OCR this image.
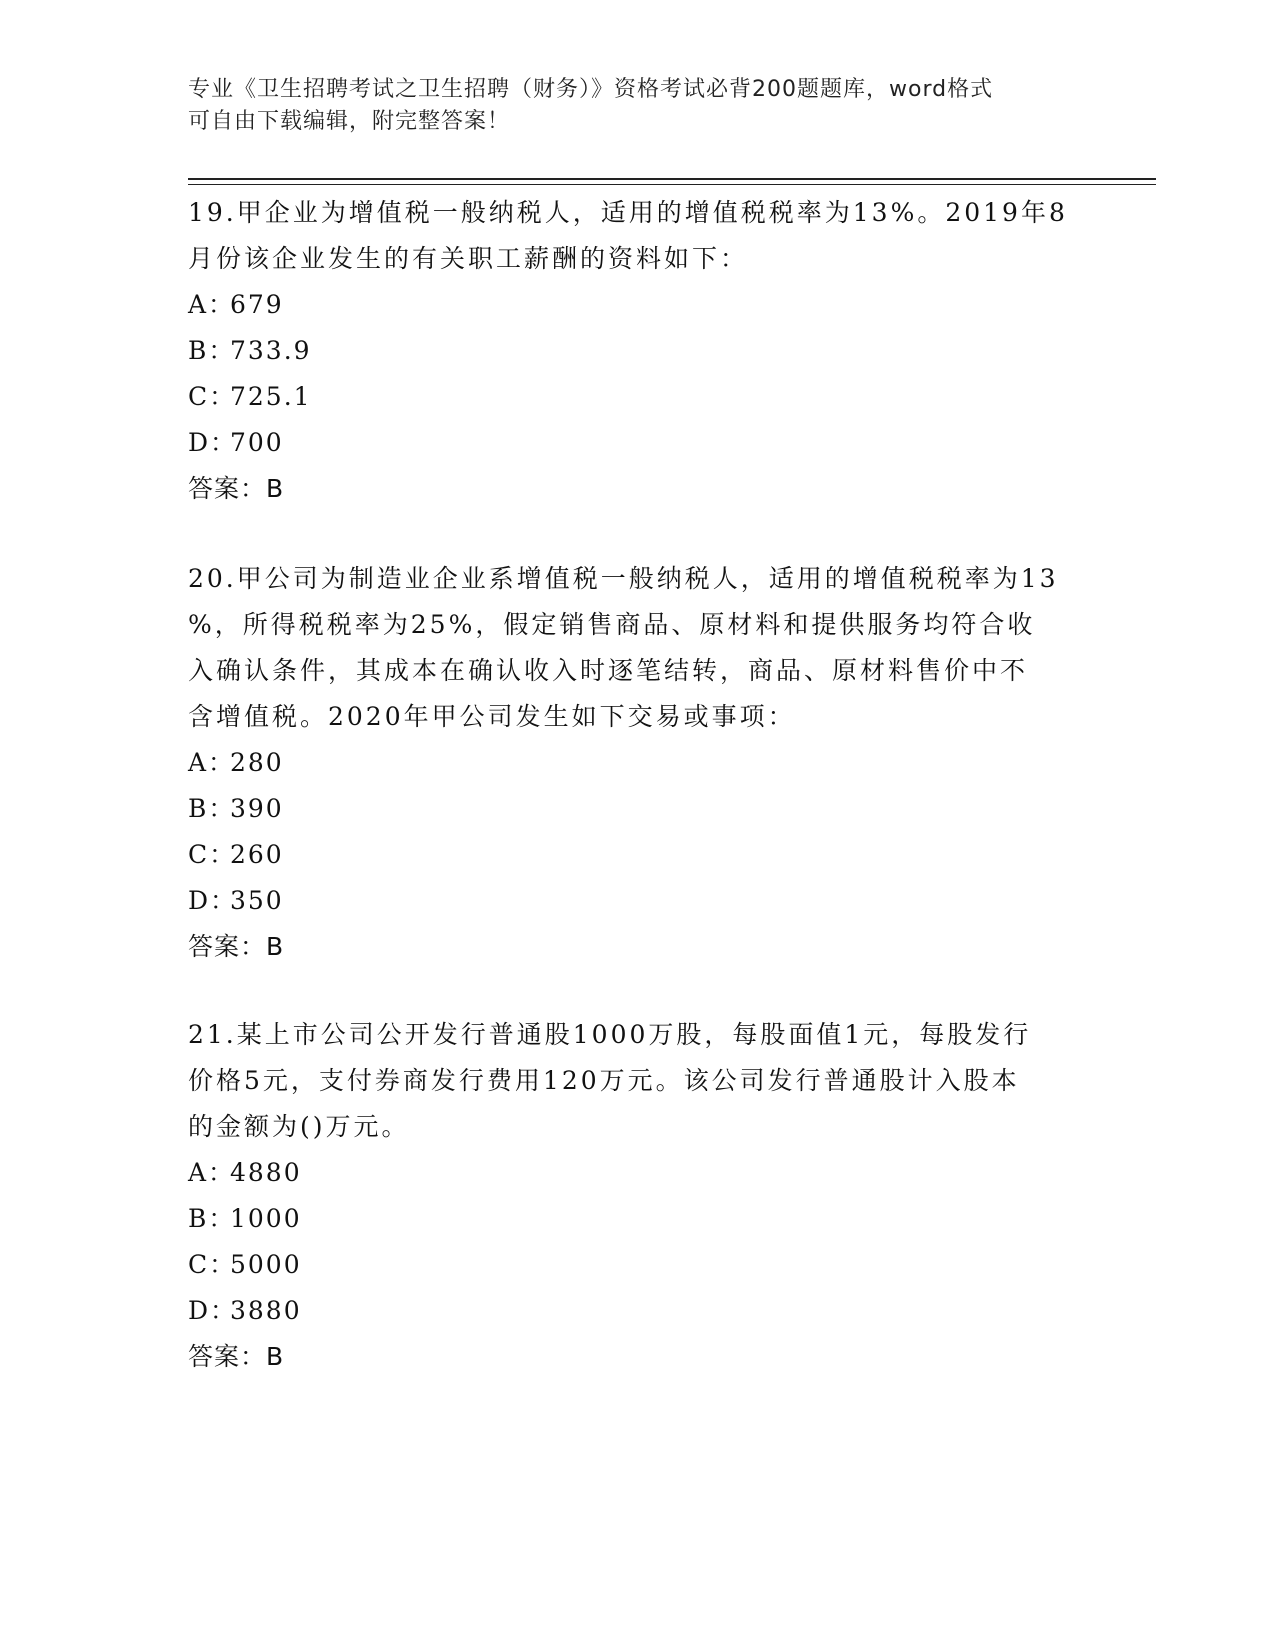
专业《卫生招聘考试之卫生招聘（财务）》资格考试必背200题题库，word格式
可自由下载编辑，附完整答案！
19.甲企业为增值税一般纳税人，适用的增值税税率为13%。2019年8
月份该企业发生的有关职工薪酬的资料如下：
A：679
B：733.9
C：725.1
D：700
答案：B
20.甲公司为制造业企业系增值税一般纳税人，适用的增值税税率为13
%，所得税税率为25%，假定销售商品、原材料和提供服务均符合收
入确认条件，其成本在确认收入时逐笔结转，商品、原材料售价中不
含增值税。2020年甲公司发生如下交易或事项：
A：280
B：390
C：260
D：350
答案：B
21.某上市公司公开发行普通股1000万股，每股面值1元，每股发行
价格5元，支付券商发行费用120万元。该公司发行普通股计入股本
的金额为()万元。
A：4880
B：1000
C：5000
D：3880
答案：B
